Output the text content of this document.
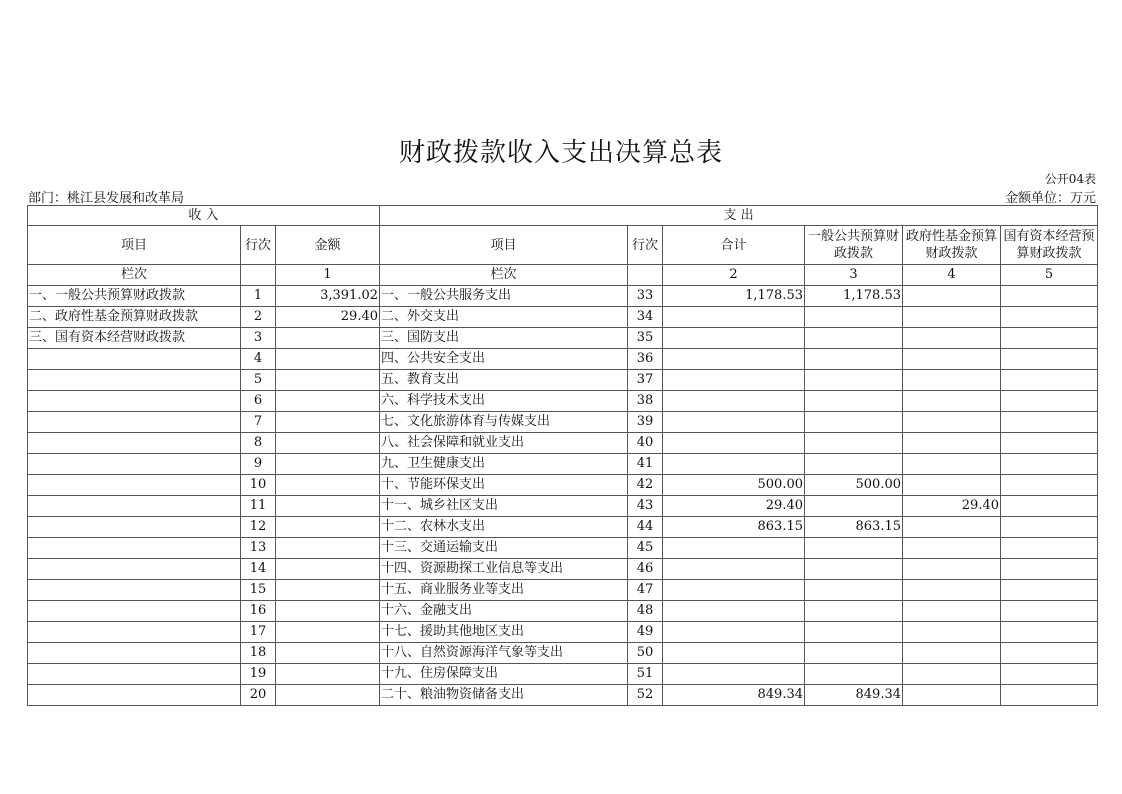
财政拨款收入支出决算总表
公开04表
部门：桃江县发展和改革局	金额单位：万元
收 入			支 出					
项目	行次	金额	项目	行次	合计	一般公共预算财政拨款	政府性基金预算财政拨款	国有资本经营预算财政拨款
栏次		1	栏次		2	3	4	5
一、一般公共预算财政拨款	1	3,391.02	一、一般公共服务支出	33	1,178.53	1,178.53		
二、政府性基金预算财政拨款	2	29.40	二、外交支出	34				
三、国有资本经营财政拨款	3		三、国防支出	35				
	4		四、公共安全支出	36				
	5		五、教育支出	37				
	6		六、科学技术支出	38				
	7		七、文化旅游体育与传媒支出	39				
	8		八、社会保障和就业支出	40				
	9		九、卫生健康支出	41				
	10		十、节能环保支出	42	500.00	500.00		
	11		十一、城乡社区支出	43	29.40		29.40	
	12		十二、农林水支出	44	863.15	863.15		
	13		十三、交通运输支出	45				
	14		十四、资源勘探工业信息等支出	46				
	15		十五、商业服务业等支出	47				
	16		十六、金融支出	48				
	17		十七、援助其他地区支出	49				
	18		十八、自然资源海洋气象等支出	50				
	19		十九、住房保障支出	51				
	20		二十、粮油物资储备支出	52	849.34	849.34		
